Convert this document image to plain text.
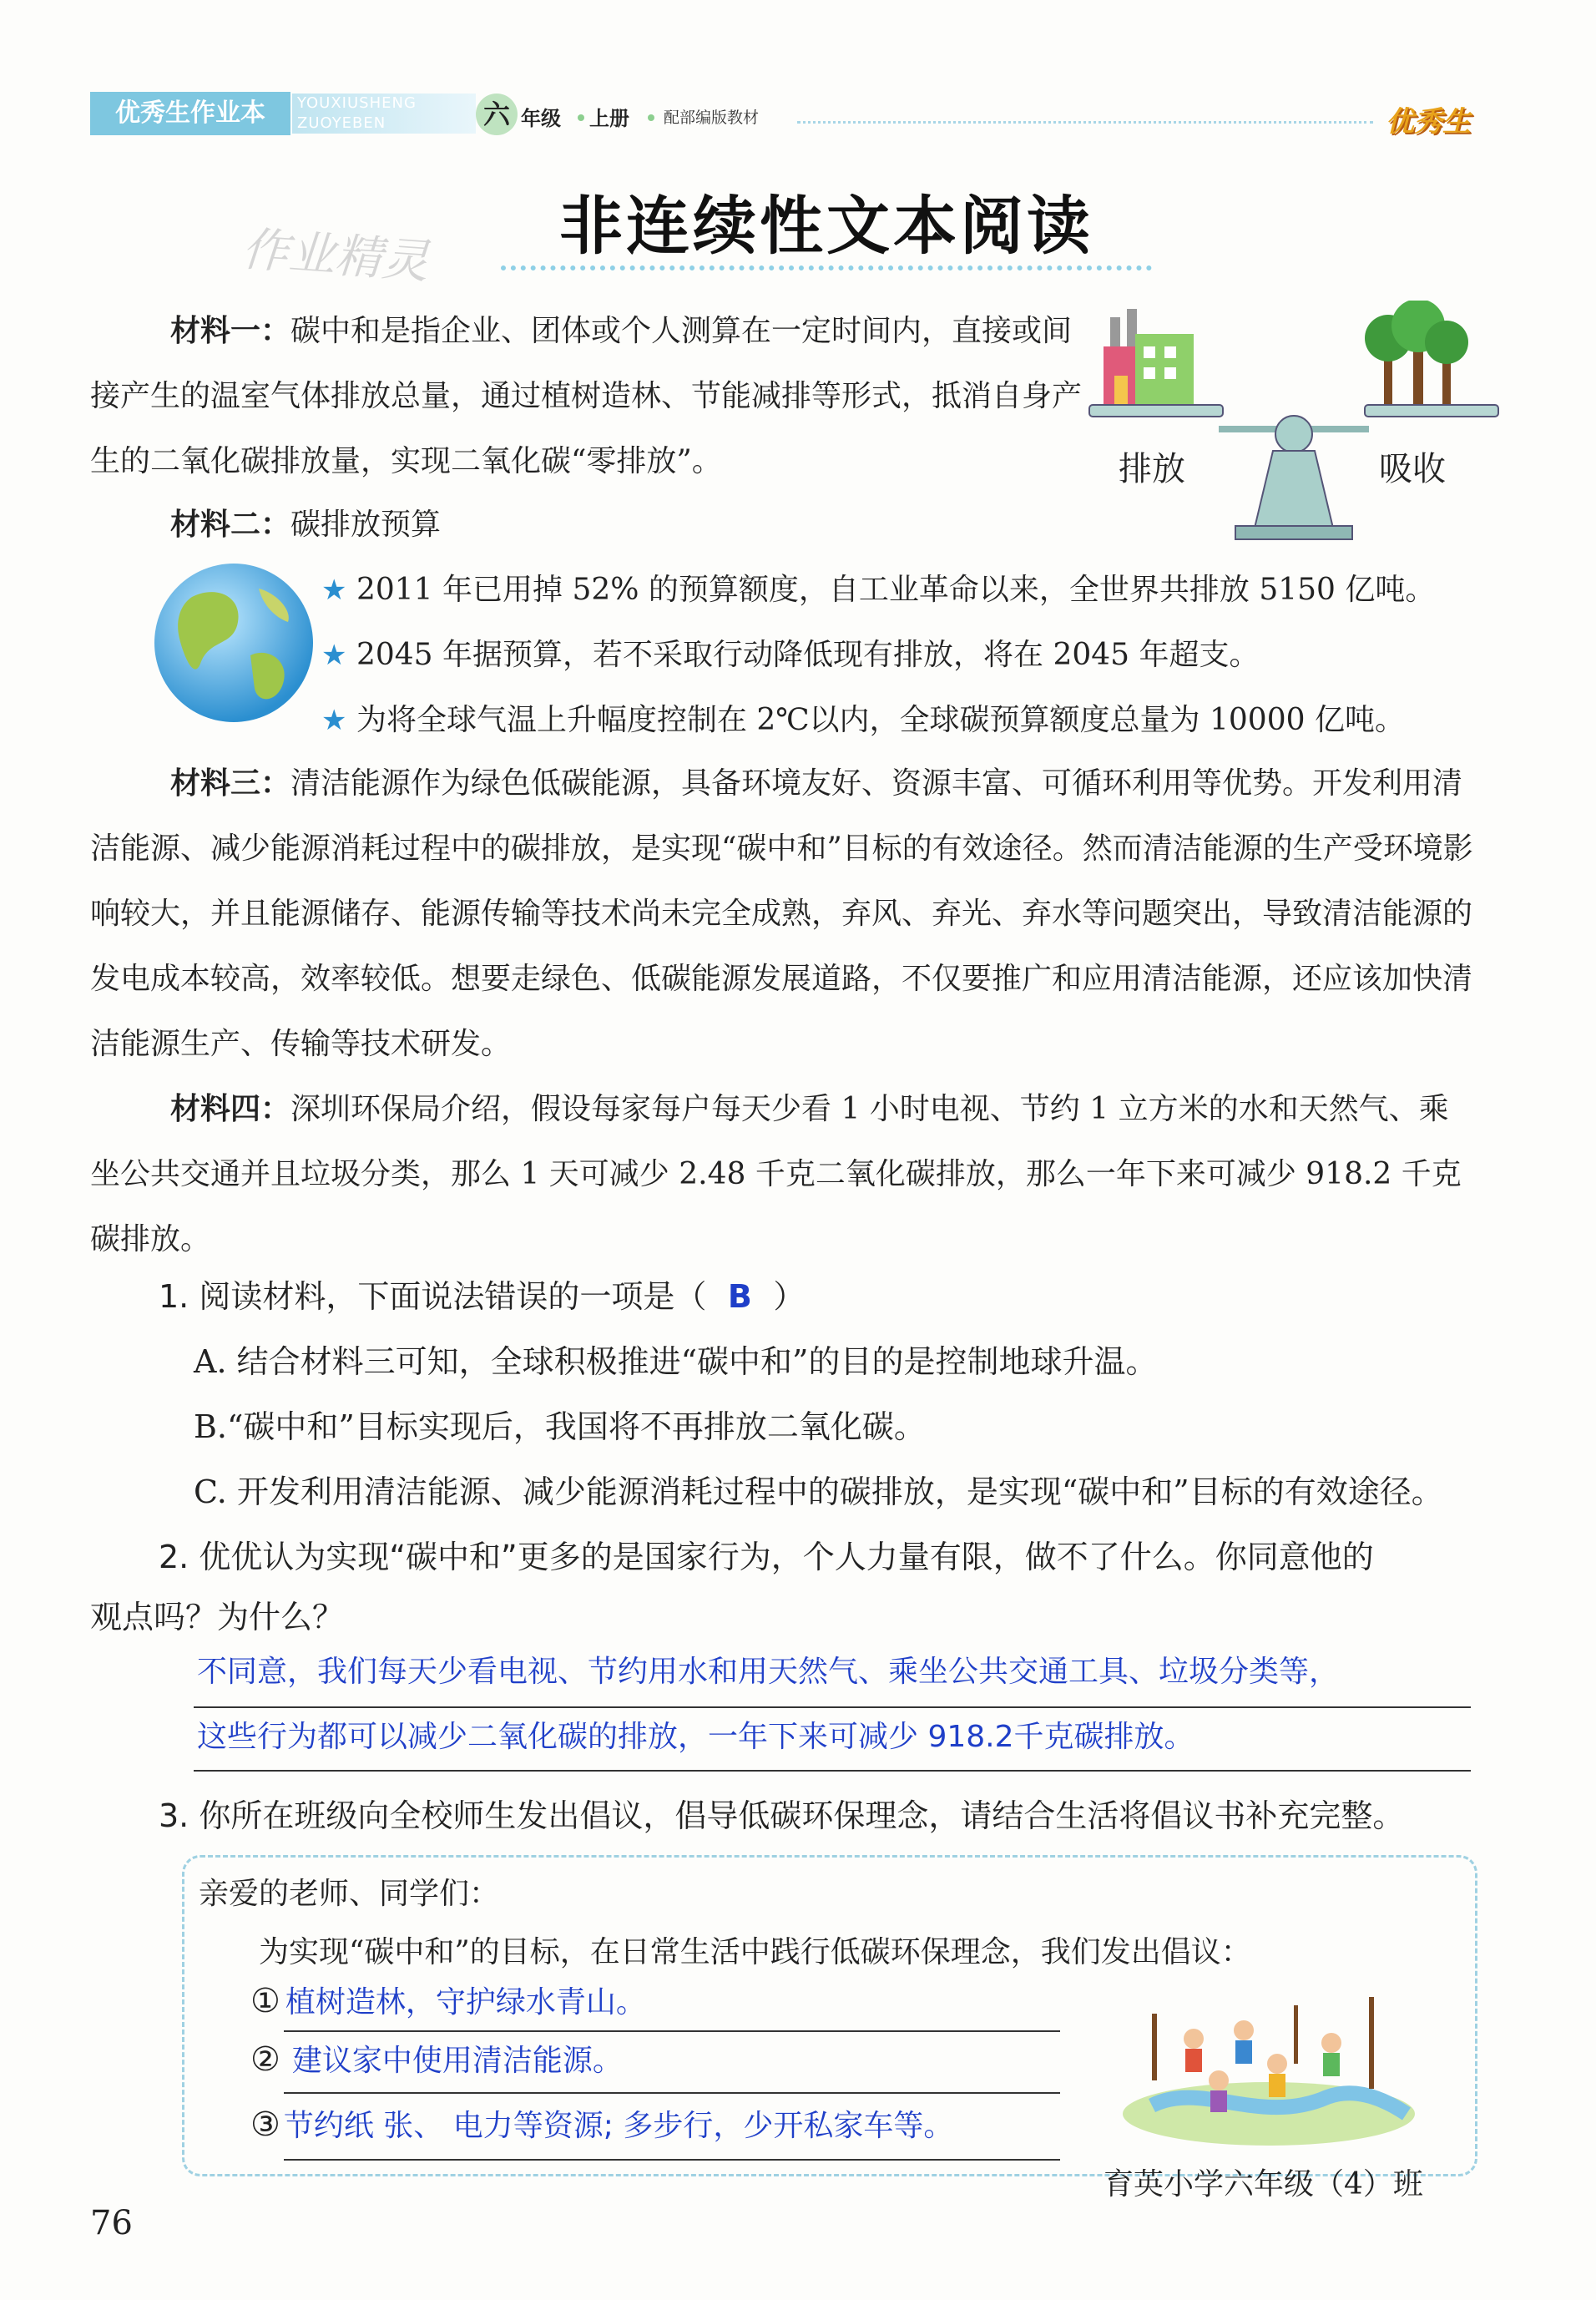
优秀生作业本	YOUXIUSHENG ZUOYEBEN	六 年级 上册 配部编版教材	优秀生
作业精灵 非连续性文本阅读

材料一：碳中和是指企业、团体或个人测算在一定时间内，直接或间接产生的温室气体排放总量，通过植树造林、节能减排等形式，抵消自身产生的二氧化碳排放量，实现二氧化碳“零排放”。	排放	吸收
材料二：碳排放预算
★ 2011 年已用掉 52% 的预算额度，自工业革命以来，全世界共排放 5150 亿吨。
★ 2045 年据预算，若不采取行动降低现有排放，将在 2045 年超支。
★ 为将全球气温上升幅度控制在 2℃以内，全球碳预算额度总量为 10000 亿吨。

材料三：清洁能源作为绿色低碳能源，具备环境友好、资源丰富、可循环利用等优势。开发利用清洁能源、减少能源消耗过程中的碳排放，是实现“碳中和”目标的有效途径。然而清洁能源的生产受环境影响较大，并且能源储存、能源传输等技术尚未完全成熟，弃风、弃光、弃水等问题突出，导致清洁能源的发电成本较高，效率较低。想要走绿色、低碳能源发展道路，不仅要推广和应用清洁能源，还应该加快清洁能源生产、传输等技术研发。

材料四：深圳环保局介绍，假设每家每户每天少看 1 小时电视、节约 1 立方米的水和天然气、乘坐公共交通并且垃圾分类，那么 1 天可减少 2.48 千克二氧化碳排放，那么一年下来可减少 918.2 千克碳排放。

1. 阅读材料，下面说法错误的一项是（ B ）
A. 结合材料三可知，全球积极推进“碳中和”的目的是控制地球升温。
B.“碳中和”目标实现后，我国将不再排放二氧化碳。
C. 开发利用清洁能源、减少能源消耗过程中的碳排放，是实现“碳中和”目标的有效途径。
2. 优优认为实现“碳中和”更多的是国家行为，个人力量有限，做不了什么。你同意他的
观点吗？为什么？
不同意，我们每天少看电视、节约用水和用天然气、乘坐公共交通工具、垃圾分类等，
这些行为都可以减少二氧化碳的排放，一年下来可减少 918.2千克碳排放。
3. 你所在班级向全校师生发出倡议，倡导低碳环保理念，请结合生活将倡议书补充完整。
亲爱的老师、同学们：
为实现“碳中和”的目标，在日常生活中践行低碳环保理念，我们发出倡议：
① 植树造林，守护绿水青山。
② 建议家中使用清洁能源。
③ 节约纸 张、 电力等资源; 多步行，少开私家车等。
育英小学六年级（4）班
76
